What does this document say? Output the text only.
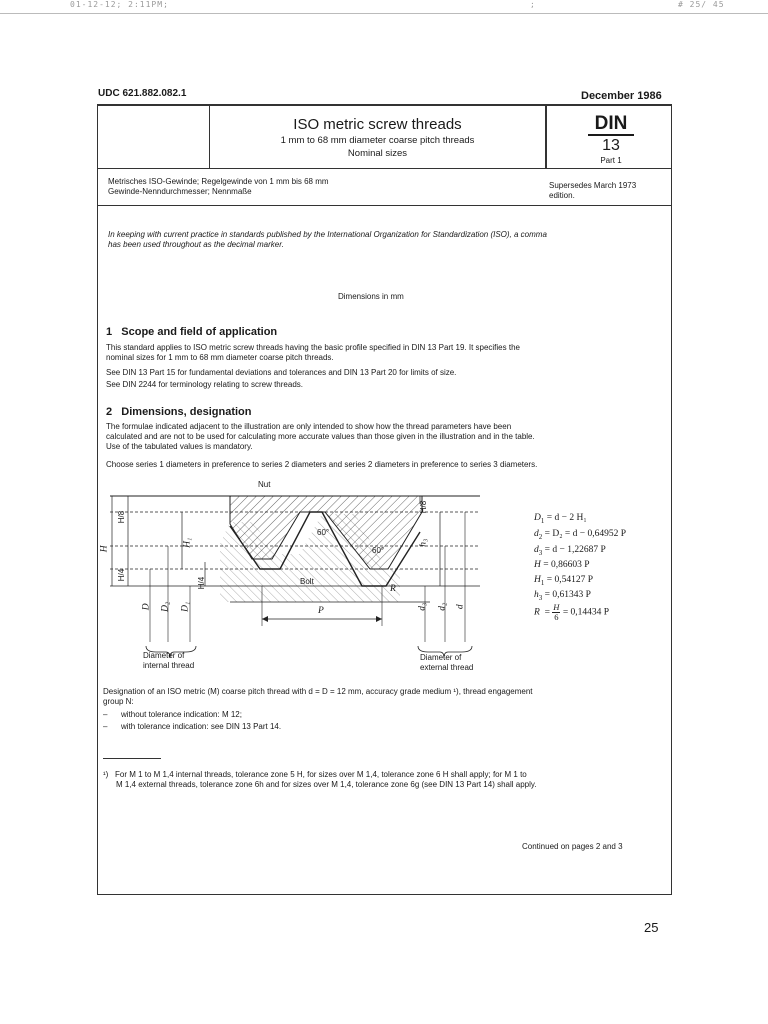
01-12-12; 2:11PM;	;	# 25/ 45
UDC 621.882.082.1	December 1986
ISO metric screw threads
1 mm to 68 mm diameter coarse pitch threads
Nominal sizes
DIN
13
Part 1
Metrisches ISO-Gewinde; Regelgewinde von 1 mm bis 68 mm
Gewinde-Nenndurchmesser; Nennmaße
Supersedes March 1973
edition.
In keeping with current practice in standards published by the International Organization for Standardization (ISO), a comma
has been used throughout as the decimal marker.
Dimensions in mm
1   Scope and field of application
This standard applies to ISO metric screw threads having the basic profile specified in DIN 13 Part 19. It specifies the
nominal sizes for 1 mm to 68 mm diameter coarse pitch threads.
See DIN 13 Part 15 for fundamental deviations and tolerances and DIN 13 Part 20 for limits of size.
See DIN 2244 for terminology relating to screw threads.
2   Dimensions, designation
The formulae indicated adjacent to the illustration are only intended to show how the thread parameters have been
calculated and are not to be used for calculating more accurate values than those given in the illustration and in the table.
Use of the tabulated values is mandatory.
Choose series 1 diameters in preference to series 2 diameters and series 2 diameters in preference to series 3 diameters.
Nut
Bolt
60°
60°
P
H
H/8
H/4
H/4
H/8
H₁	h₃
R
D D₂ D₁	d₃ d₂ d
Diameter of
internal thread
Diameter of
external thread
$D_1 = d - 2$ H₁
$d_2 = D_2 = d - 0,64952$ P
$d_3 = d - 1,22687$ P
H = 0,86603 P
$H_1 = 0,54127$ P
$h_3 = 0,61343$ P
$R = \frac{H}{6} = 0,14434$ P
Designation of an ISO metric (M) coarse pitch thread with d = D = 12 mm, accuracy grade medium ¹), thread engagement
group N:
– without tolerance indication: M 12;
– with tolerance indication: see DIN 13 Part 14.
¹)   For M 1 to M 1,4 internal threads, tolerance zone 5 H, for sizes over M 1,4, tolerance zone 6 H shall apply; for M 1 to
M 1,4 external threads, tolerance zone 6h and for sizes over M 1,4, tolerance zone 6g (see DIN 13 Part 14) shall apply.
Continued on pages 2 and 3
25
